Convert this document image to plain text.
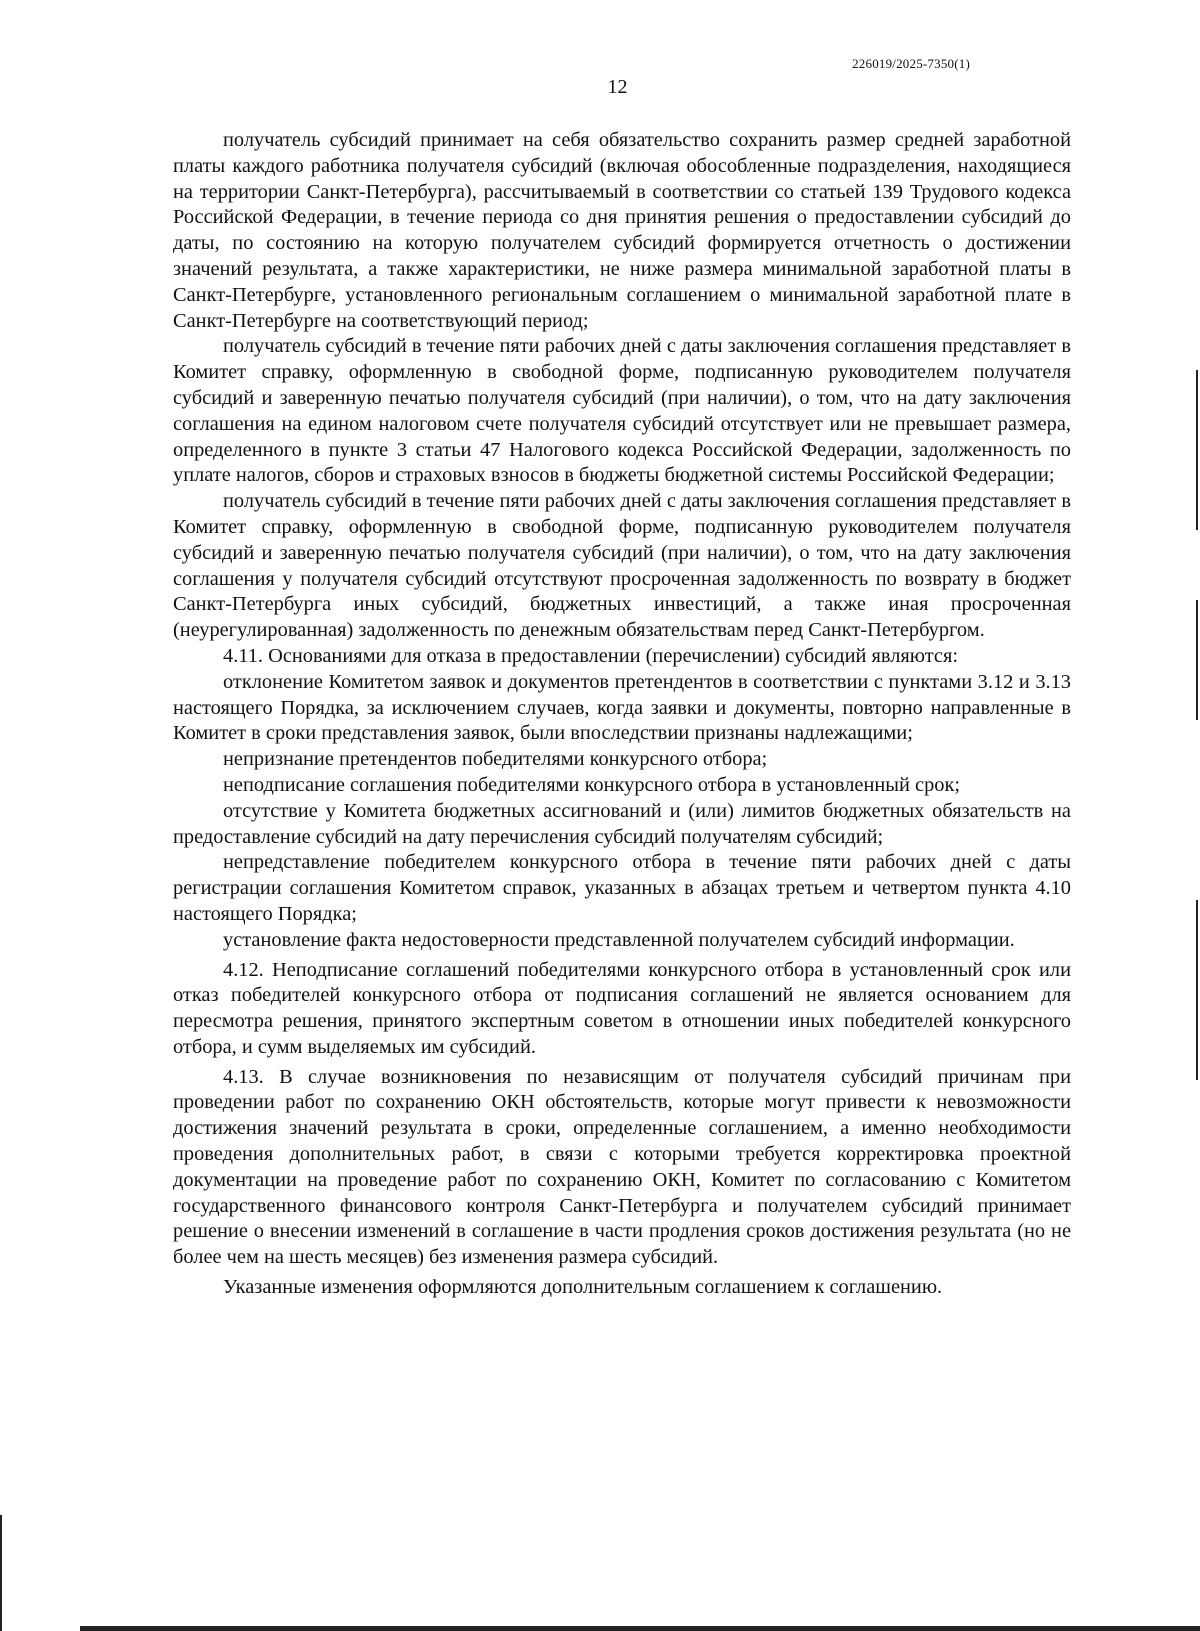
226019/2025-7350(1)
12

получатель субсидий принимает на себя обязательство сохранить размер средней заработной платы каждого работника получателя субсидий (включая обособленные подразделения, находящиеся на территории Санкт-Петербурга), рассчитываемый в соответствии со статьей 139 Трудового кодекса Российской Федерации, в течение периода со дня принятия решения о предоставлении субсидий до даты, по состоянию на которую получателем субсидий формируется отчетность о достижении значений результата, а также характеристики, не ниже размера минимальной заработной платы в Санкт-Петербурге, установленного региональным соглашением о минимальной заработной плате в Санкт-Петербурге на соответствующий период;

получатель субсидий в течение пяти рабочих дней с даты заключения соглашения представляет в Комитет справку, оформленную в свободной форме, подписанную руководителем получателя субсидий и заверенную печатью получателя субсидий (при наличии), о том, что на дату заключения соглашения на едином налоговом счете получателя субсидий отсутствует или не превышает размера, определенного в пункте 3 статьи 47 Налогового кодекса Российской Федерации, задолженность по уплате налогов, сборов и страховых взносов в бюджеты бюджетной системы Российской Федерации;

получатель субсидий в течение пяти рабочих дней с даты заключения соглашения представляет в Комитет справку, оформленную в свободной форме, подписанную руководителем получателя субсидий и заверенную печатью получателя субсидий (при наличии), о том, что на дату заключения соглашения у получателя субсидий отсутствуют просроченная задолженность по возврату в бюджет Санкт-Петербурга иных субсидий, бюджетных инвестиций, а также иная просроченная (неурегулированная) задолженность по денежным обязательствам перед Санкт-Петербургом.

4.11. Основаниями для отказа в предоставлении (перечислении) субсидий являются:

отклонение Комитетом заявок и документов претендентов в соответствии с пунктами 3.12 и 3.13 настоящего Порядка, за исключением случаев, когда заявки и документы, повторно направленные в Комитет в сроки представления заявок, были впоследствии признаны надлежащими;

непризнание претендентов победителями конкурсного отбора;

неподписание соглашения победителями конкурсного отбора в установленный срок;

отсутствие у Комитета бюджетных ассигнований и (или) лимитов бюджетных обязательств на предоставление субсидий на дату перечисления субсидий получателям субсидий;

непредставление победителем конкурсного отбора в течение пяти рабочих дней с даты регистрации соглашения Комитетом справок, указанных в абзацах третьем и четвертом пункта 4.10 настоящего Порядка;

установление факта недостоверности представленной получателем субсидий информации.

4.12. Неподписание соглашений победителями конкурсного отбора в установленный срок или отказ победителей конкурсного отбора от подписания соглашений не является основанием для пересмотра решения, принятого экспертным советом в отношении иных победителей конкурсного отбора, и сумм выделяемых им субсидий.

4.13. В случае возникновения по независящим от получателя субсидий причинам при проведении работ по сохранению ОКН обстоятельств, которые могут привести к невозможности достижения значений результата в сроки, определенные соглашением, а именно необходимости проведения дополнительных работ, в связи с которыми требуется корректировка проектной документации на проведение работ по сохранению ОКН, Комитет по согласованию с Комитетом государственного финансового контроля Санкт-Петербурга и получателем субсидий принимает решение о внесении изменений в соглашение в части продления сроков достижения результата (но не более чем на шесть месяцев) без изменения размера субсидий.

Указанные изменения оформляются дополнительным соглашением к соглашению.
